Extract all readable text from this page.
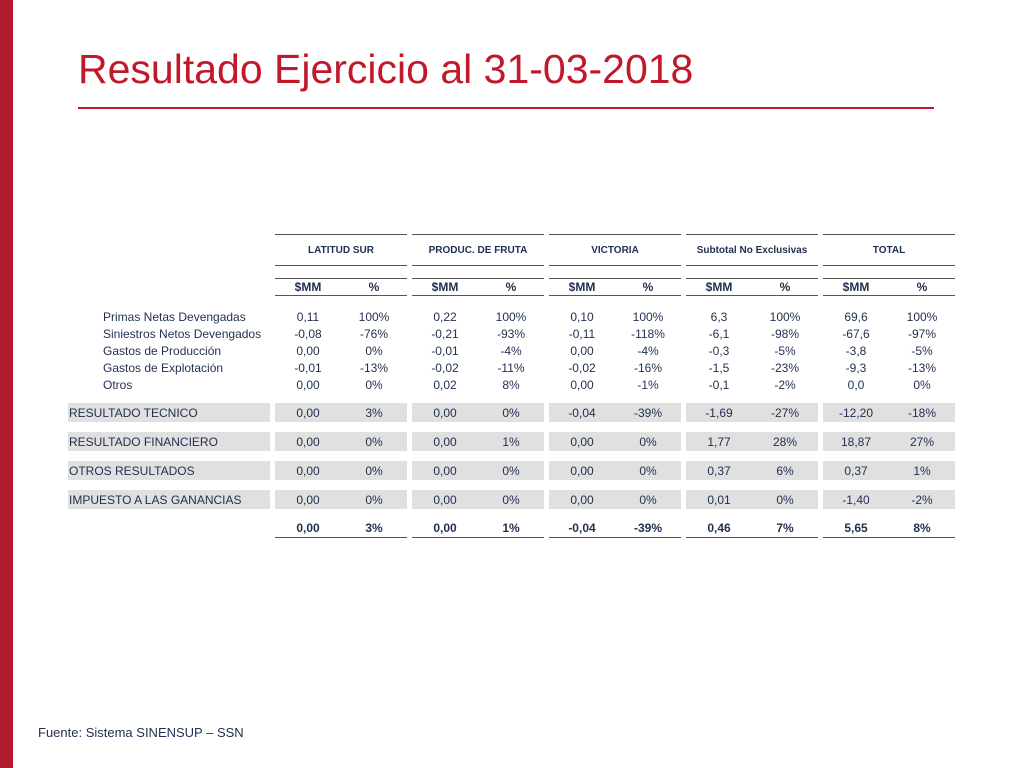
Resultado Ejercicio al 31-03-2018
LATITUD SUR	PRODUC. DE FRUTA	VICTORIA	Subtotal No Exclusivas	TOTAL
$MM	%	$MM	%	$MM	%	$MM	%	$MM	%
Primas Netas Devengadas	0,11	100%	0,22	100%	0,10	100%	6,3	100%	69,6	100%
Siniestros Netos Devengados	-0,08	-76%	-0,21	-93%	-0,11	-118%	-6,1	-98%	-67,6	-97%
Gastos de Producción	0,00	0%	-0,01	-4%	0,00	-4%	-0,3	-5%	-3,8	-5%
Gastos de Explotación	-0,01	-13%	-0,02	-11%	-0,02	-16%	-1,5	-23%	-9,3	-13%
Otros	0,00	0%	0,02	8%	0,00	-1%	-0,1	-2%	0,0	0%
RESULTADO TECNICO	0,00	3%	0,00	0%	-0,04	-39%	-1,69	-27%	-12,20	-18%
RESULTADO FINANCIERO	0,00	0%	0,00	1%	0,00	0%	1,77	28%	18,87	27%
OTROS RESULTADOS	0,00	0%	0,00	0%	0,00	0%	0,37	6%	0,37	1%
IMPUESTO A LAS GANANCIAS	0,00	0%	0,00	0%	0,00	0%	0,01	0%	-1,40	-2%
0,00	3%	0,00	1%	-0,04	-39%	0,46	7%	5,65	8%
Fuente: Sistema SINENSUP – SSN
